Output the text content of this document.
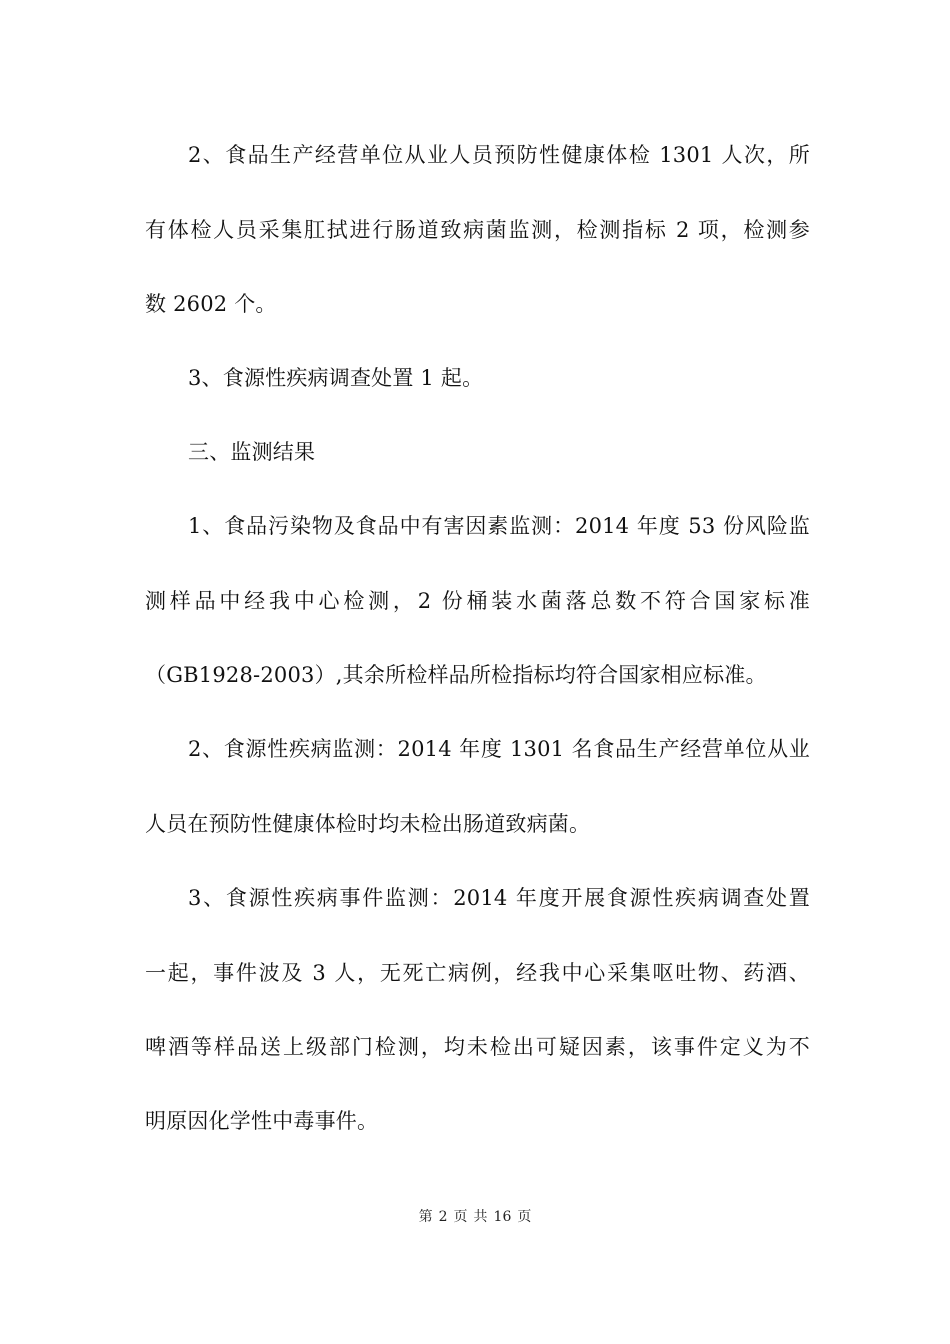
2、食品生产经营单位从业人员预防性健康体检 1301 人次，所
有体检人员采集肛拭进行肠道致病菌监测，检测指标 2 项，检测参
数 2602 个。
3、食源性疾病调查处置 1 起。
三、监测结果
1、食品污染物及食品中有害因素监测：2014 年度 53 份风险监
测样品中经我中心检测，2 份桶装水菌落总数不符合国家标准
（GB1928-2003）,其余所检样品所检指标均符合国家相应标准。
2、食源性疾病监测：2014 年度 1301 名食品生产经营单位从业
人员在预防性健康体检时均未检出肠道致病菌。
3、食源性疾病事件监测：2014 年度开展食源性疾病调查处置
一起，事件波及 3 人，无死亡病例，经我中心采集呕吐物、药酒、
啤酒等样品送上级部门检测，均未检出可疑因素，该事件定义为不
明原因化学性中毒事件。
第 2 页 共 16 页
